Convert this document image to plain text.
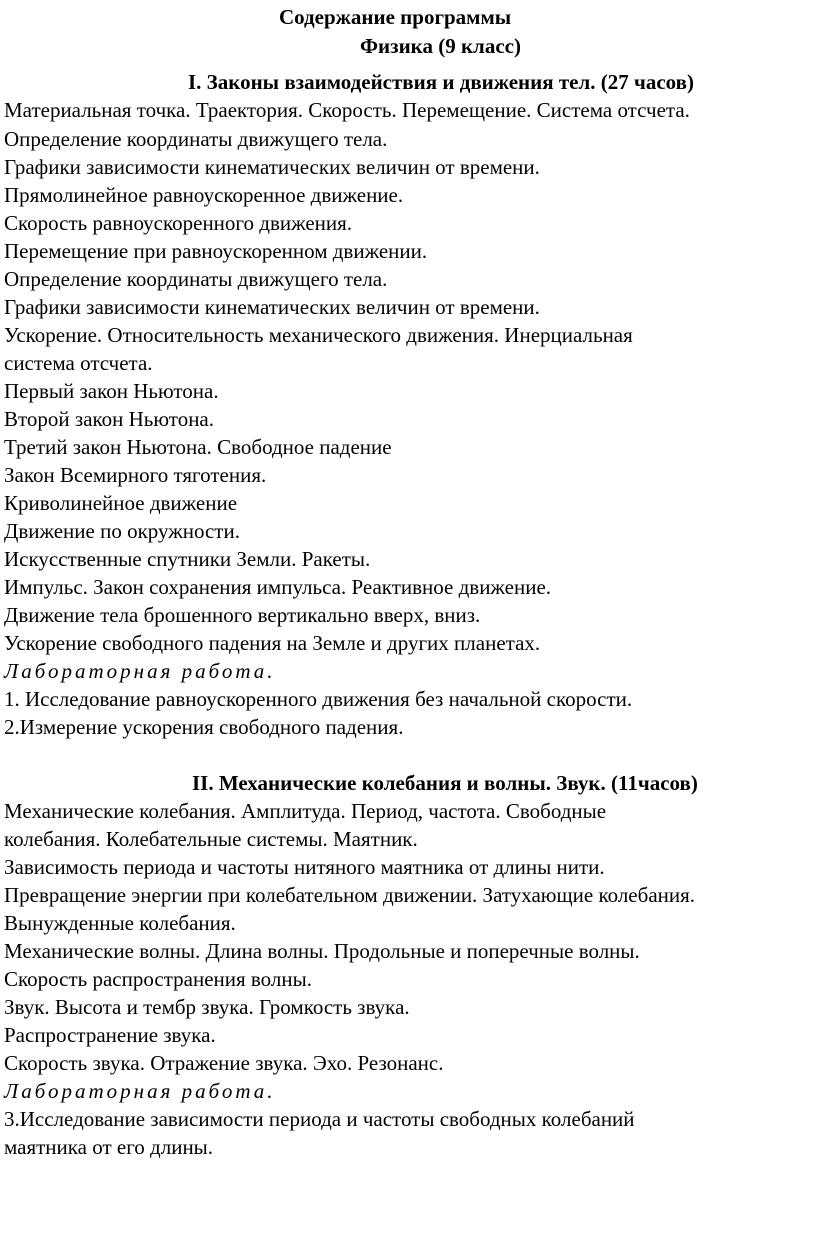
Содержание программы
Физика (9 класс)
I. Законы взаимодействия и движения тел. (27 часов)
Материальная точка. Траектория. Скорость. Перемещение. Система отсчета.
Определение координаты движущего тела.
Графики зависимости кинематических величин от времени.
Прямолинейное равноускоренное движение.
Скорость равноускоренного движения.
Перемещение при равноускоренном движении.
Определение координаты движущего тела.
Графики зависимости кинематических величин от времени.
Ускорение. Относительность механического движения. Инерциальная
система отсчета.
Первый закон Ньютона.
Второй закон Ньютона.
Третий закон Ньютона. Свободное падение
Закон Всемирного тяготения.
Криволинейное движение
Движение по окружности.
Искусственные спутники Земли. Ракеты.
Импульс. Закон сохранения импульса. Реактивное движение.
Движение тела брошенного вертикально вверх, вниз.
Ускорение свободного падения на Земле и других планетах.
Лабораторная работа.
1. Исследование равноускоренного движения без начальной скорости.
2.Измерение ускорения свободного падения.
II. Механические колебания и волны. Звук. (11часов)
Механические колебания. Амплитуда. Период, частота. Свободные
колебания. Колебательные системы. Маятник.
Зависимость периода и частоты нитяного маятника от длины нити.
Превращение энергии при колебательном движении. Затухающие колебания.
Вынужденные колебания.
Механические волны. Длина волны. Продольные и поперечные волны.
Скорость распространения волны.
Звук. Высота и тембр звука. Громкость звука.
Распространение звука.
Скорость звука. Отражение звука. Эхо. Резонанс.
Лабораторная работа.
3.Исследование зависимости периода и частоты свободных колебаний
маятника от его длины.
